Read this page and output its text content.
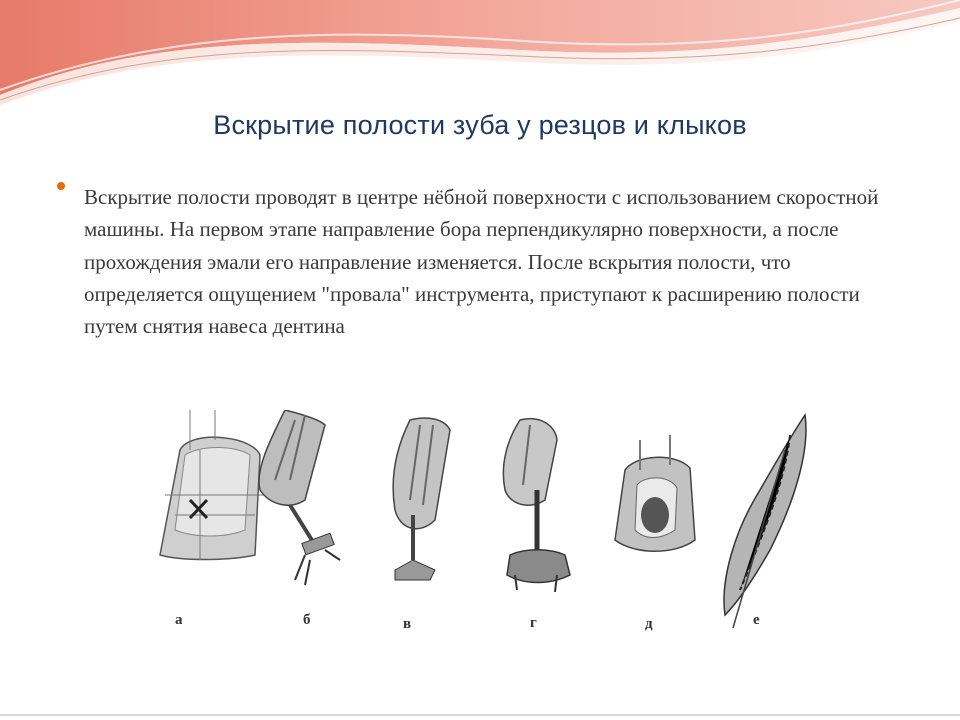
Вскрытие полости зуба у резцов и клыков
Вскрытие полости проводят в центре нёбной поверхности с использованием скоростной машины. На первом этапе направление бора перпендикулярно поверхности, а после прохождения эмали его направление изменяется. После вскрытия полости, что определяется ощущением "провала" инструмента, приступают к расширению полости путем снятия навеса дентина
а	б	в	г	д	е
